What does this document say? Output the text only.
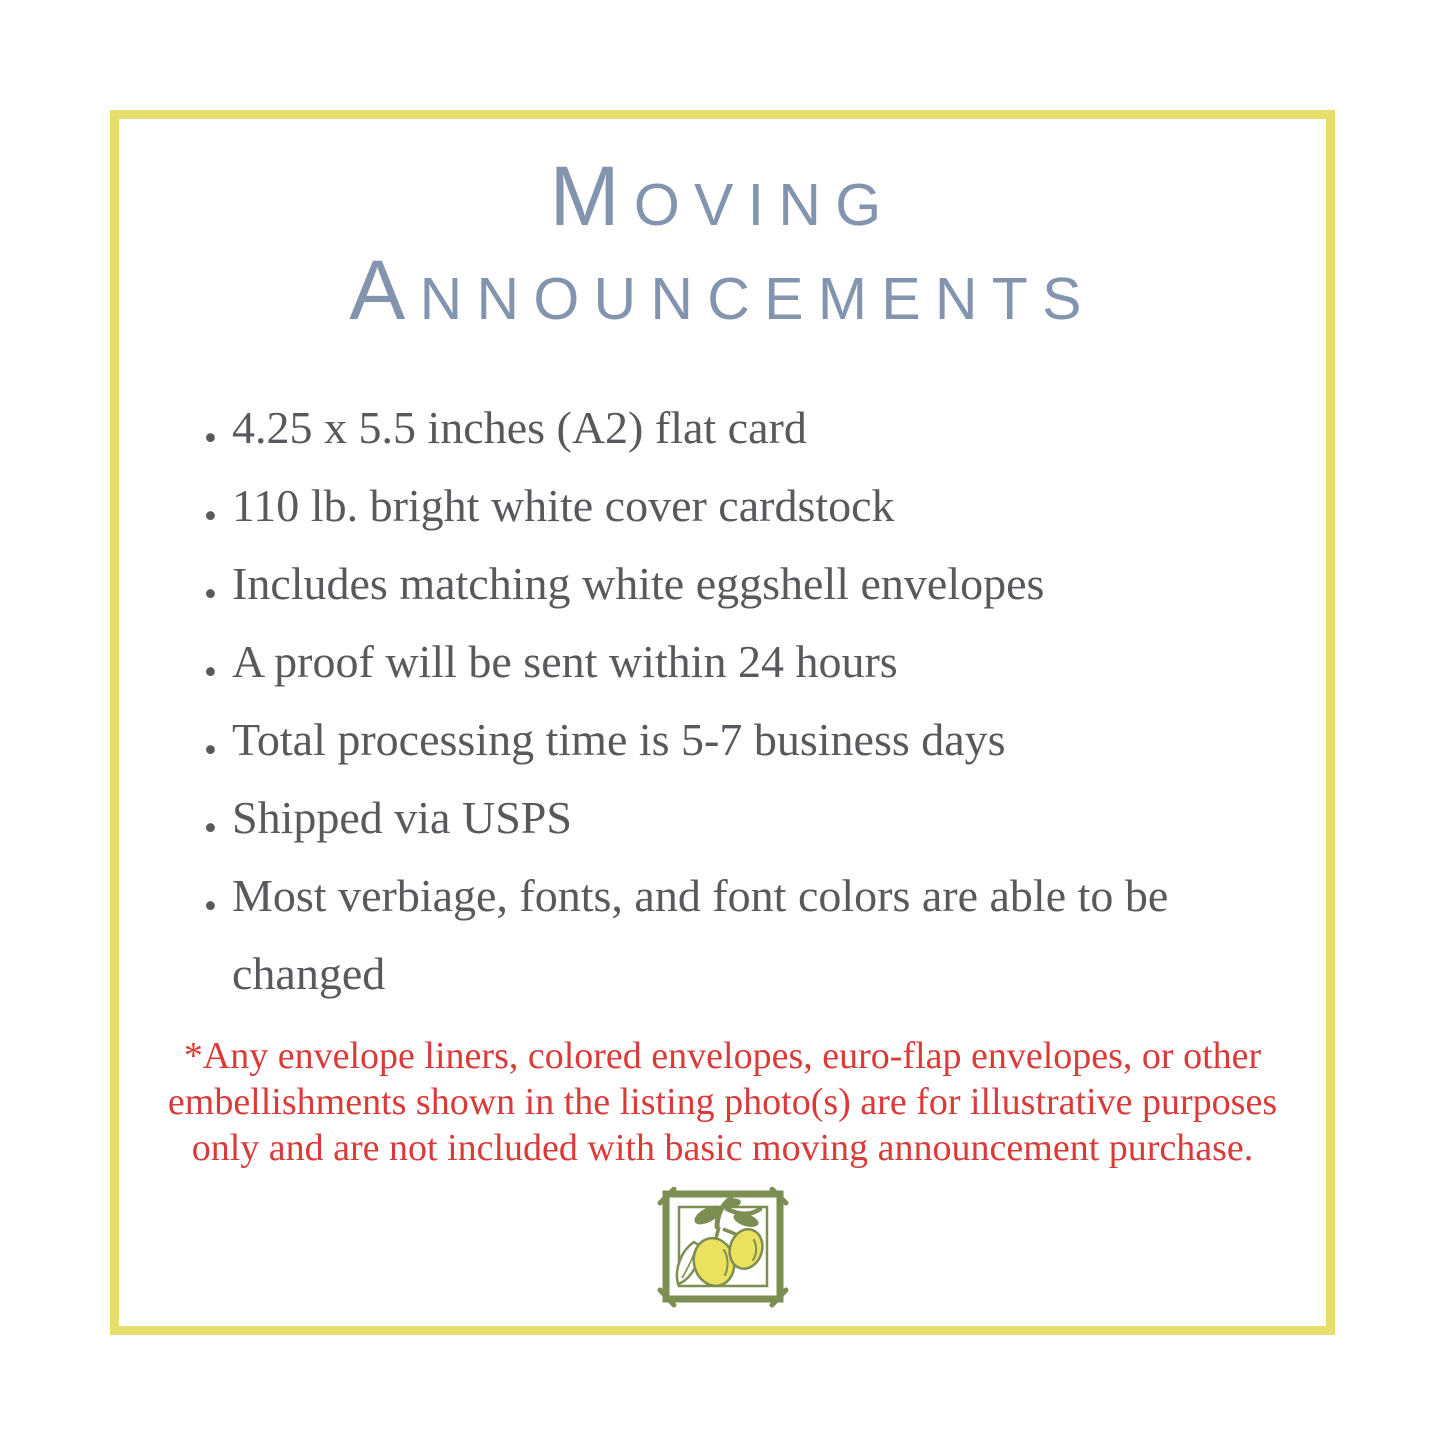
Moving
Announcements
• 4.25 x 5.5 inches (A2) flat card
• 110 lb. bright white cover cardstock
• Includes matching white eggshell envelopes
• A proof will be sent within 24 hours
• Total processing time is 5-7 business days
• Shipped via USPS
• Most verbiage, fonts, and font colors are able to be changed

*Any envelope liners, colored envelopes, euro-flap envelopes, or other
embellishments shown in the listing photo(s) are for illustrative purposes
only and are not included with basic moving announcement purchase.
